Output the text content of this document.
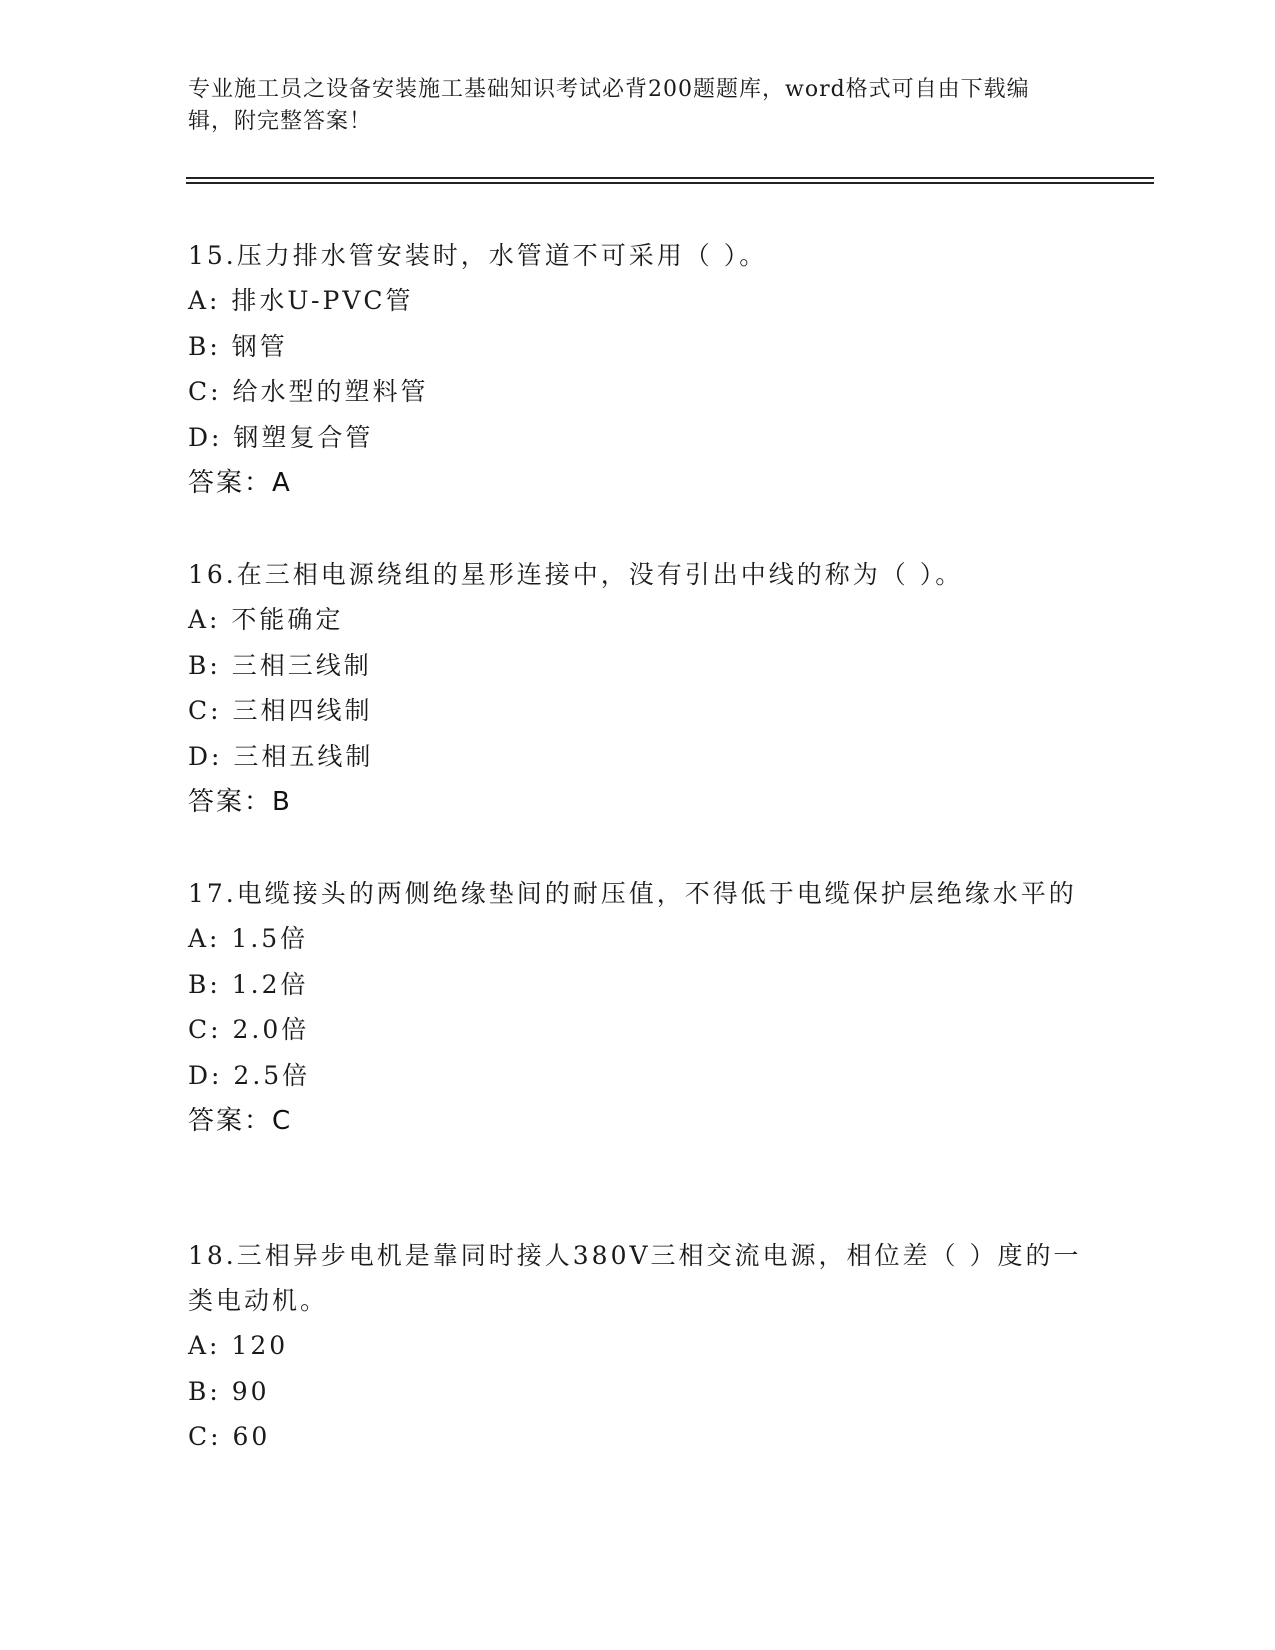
专业施工员之设备安装施工基础知识考试必背200题题库，word格式可自由下载编辑，附完整答案！
15.压力排水管安装时，水管道不可采用（ ）。
A: 排水U-PVC管
B: 钢管
C: 给水型的塑料管
D: 钢塑复合管
答案：A
16.在三相电源绕组的星形连接中，没有引出中线的称为（ ）。
A: 不能确定
B: 三相三线制
C: 三相四线制
D: 三相五线制
答案：B
17.电缆接头的两侧绝缘垫间的耐压值，不得低于电缆保护层绝缘水平的
A: 1.5倍
B: 1.2倍
C: 2.0倍
D: 2.5倍
答案：C
18.三相异步电机是靠同时接人380V三相交流电源，相位差（ ）度的一类电动机。
A: 120
B: 90
C: 60
